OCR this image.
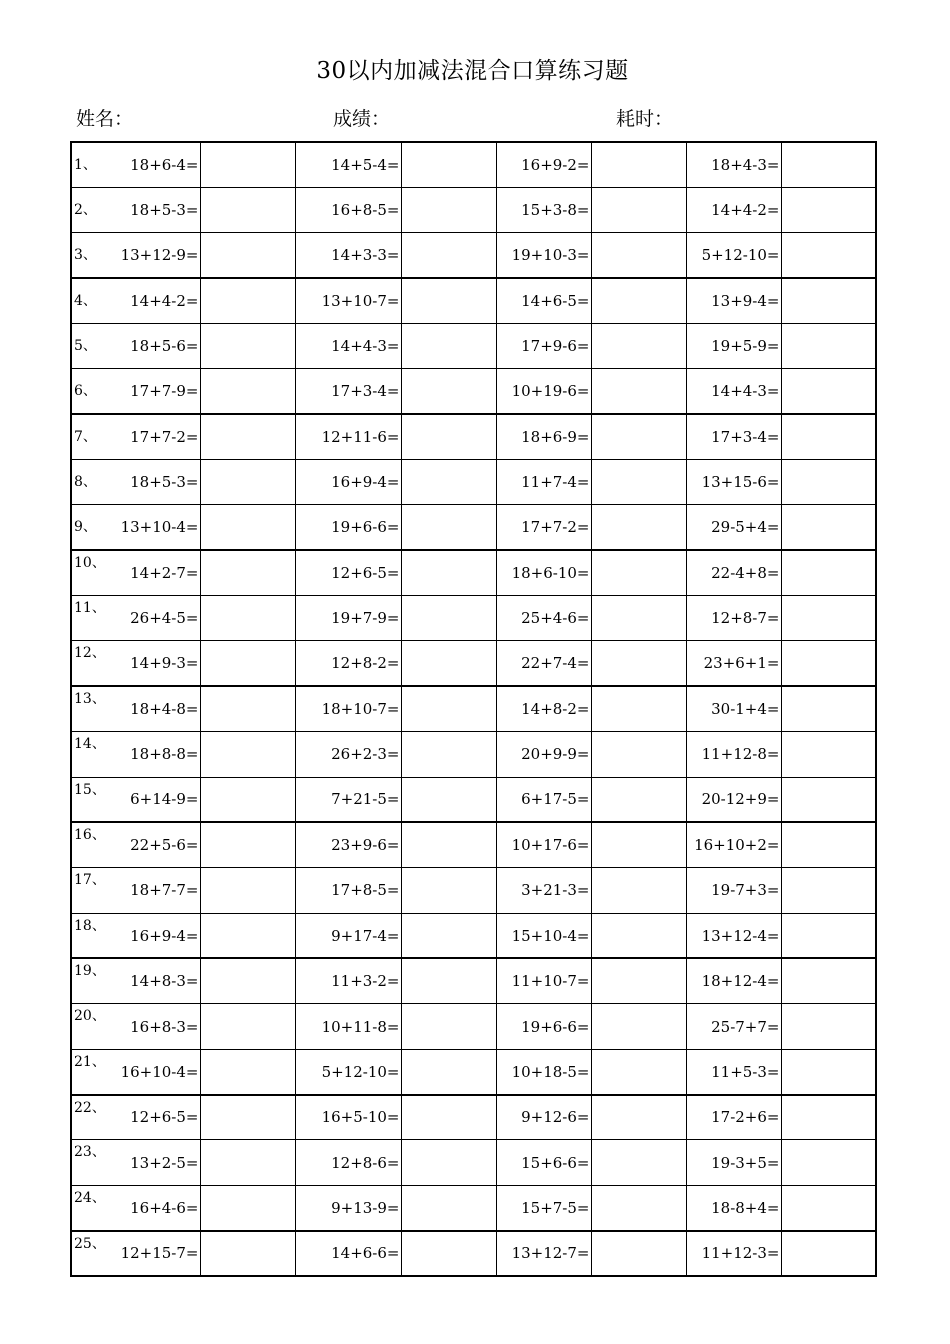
30以内加减法混合口算练习题
姓名：	成绩：	耗时：
1、	18+6-4=		14+5-4=		16+9-2=		18+4-3=	
2、	18+5-3=		16+8-5=		15+3-8=		14+4-2=	
3、	13+12-9=		14+3-3=		19+10-3=		5+12-10=	
4、	14+4-2=		13+10-7=		14+6-5=		13+9-4=	
5、	18+5-6=		14+4-3=		17+9-6=		19+5-9=	
6、	17+7-9=		17+3-4=		10+19-6=		14+4-3=	
7、	17+7-2=		12+11-6=		18+6-9=		17+3-4=	
8、	18+5-3=		16+9-4=		11+7-4=		13+15-6=	
9、	13+10-4=		19+6-6=		17+7-2=		29-5+4=	
10、	14+2-7=		12+6-5=		18+6-10=		22-4+8=	
11、	26+4-5=		19+7-9=		25+4-6=		12+8-7=	
12、	14+9-3=		12+8-2=		22+7-4=		23+6+1=	
13、	18+4-8=		18+10-7=		14+8-2=		30-1+4=	
14、	18+8-8=		26+2-3=		20+9-9=		11+12-8=	
15、	6+14-9=		7+21-5=		6+17-5=		20-12+9=	
16、	22+5-6=		23+9-6=		10+17-6=		16+10+2=	
17、	18+7-7=		17+8-5=		3+21-3=		19-7+3=	
18、	16+9-4=		9+17-4=		15+10-4=		13+12-4=	
19、	14+8-3=		11+3-2=		11+10-7=		18+12-4=	
20、	16+8-3=		10+11-8=		19+6-6=		25-7+7=	
21、	16+10-4=		5+12-10=		10+18-5=		11+5-3=	
22、	12+6-5=		16+5-10=		9+12-6=		17-2+6=	
23、	13+2-5=		12+8-6=		15+6-6=		19-3+5=	
24、	16+4-6=		9+13-9=		15+7-5=		18-8+4=	
25、	12+15-7=		14+6-6=		13+12-7=		11+12-3=	
